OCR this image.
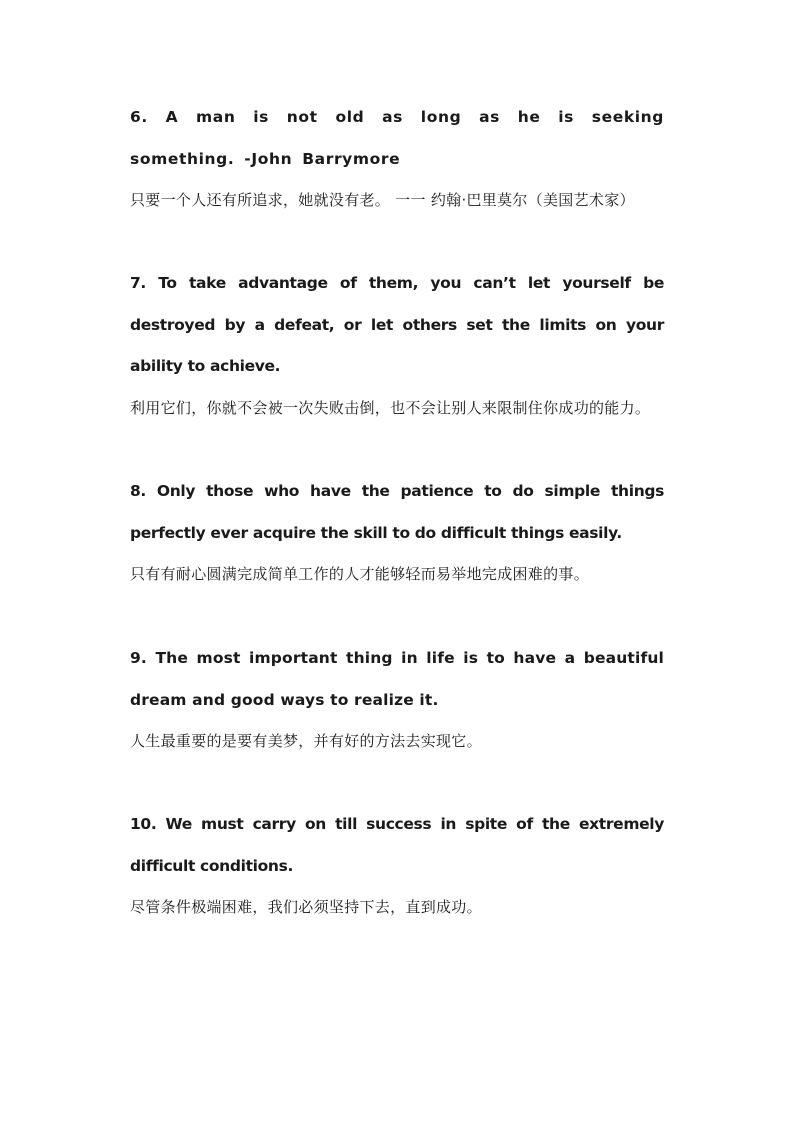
6. A man is not old as long as he is seeking something. -John Barrymore

只要一个人还有所追求，她就没有老。 一一 约翰·巴里莫尔（美国艺术家）

7. To take advantage of them, you can’t let yourself be destroyed by a defeat, or let others set the limits on your ability to achieve.

利用它们，你就不会被一次失败击倒，也不会让别人来限制住你成功的能力。

8. Only those who have the patience to do simple things perfectly ever acquire the skill to do difficult things easily.

只有有耐心圆满完成简单工作的人才能够轻而易举地完成困难的事。

9. The most important thing in life is to have a beautiful dream and good ways to realize it.

人生最重要的是要有美梦，并有好的方法去实现它。

10. We must carry on till success in spite of the extremely difficult conditions.

尽管条件极端困难，我们必须坚持下去，直到成功。
